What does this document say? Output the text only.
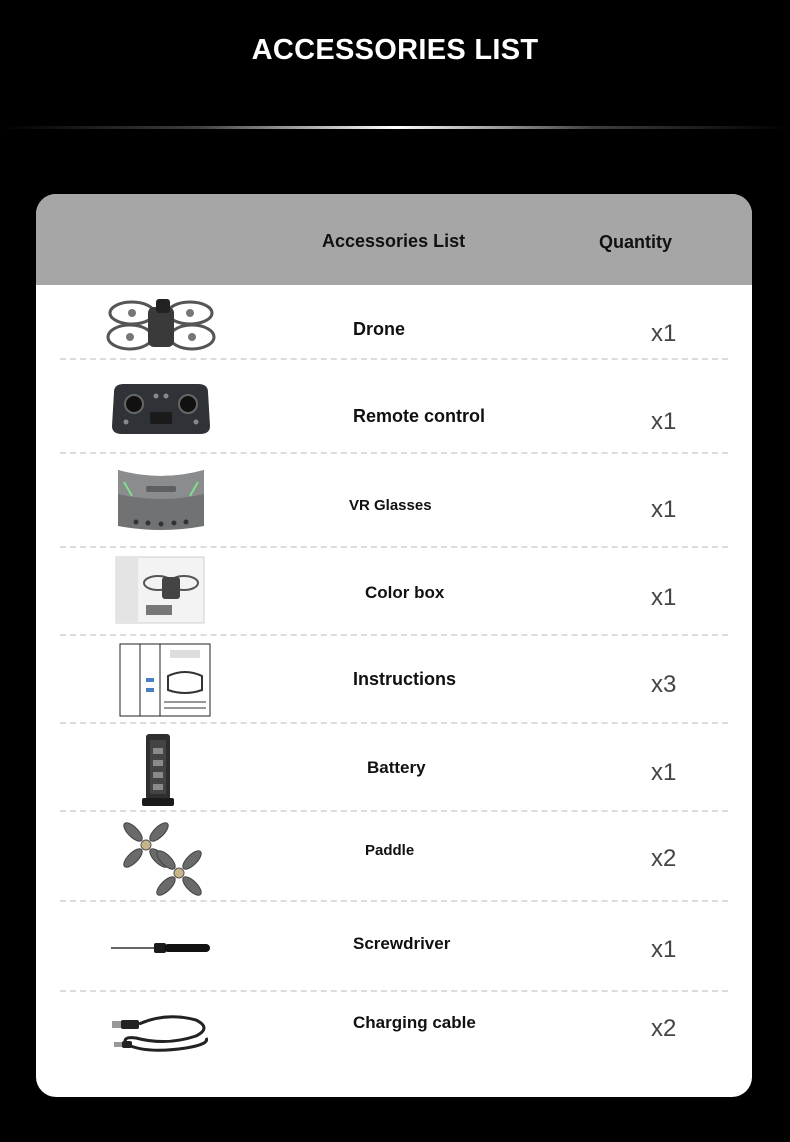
ACCESSORIES LIST
Accessories List	Quantity
Drone	x1
Remote control	x1
VR Glasses	x1
Color box	x1
Instructions	x3
Battery	x1
Paddle	x2
Screwdriver	x1
Charging cable	x2
